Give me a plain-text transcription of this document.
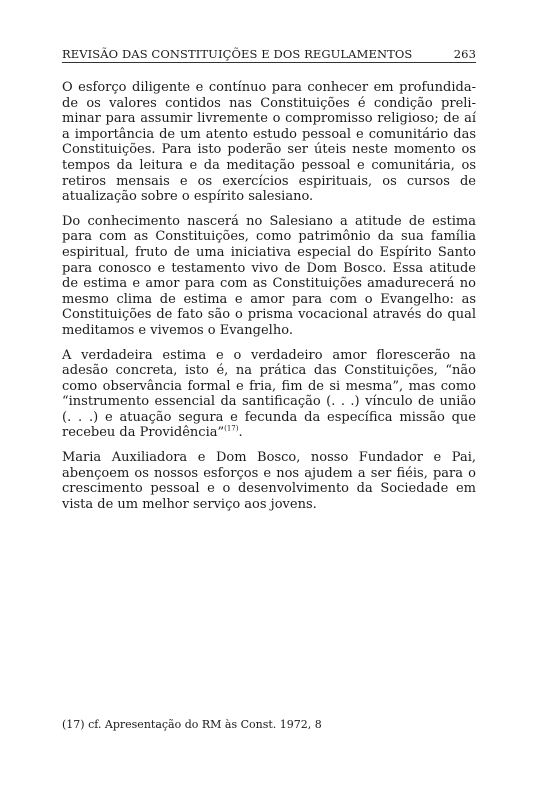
REVISÃO DAS CONSTITUIÇÕES E DOS REGULAMENTOS	263

O esforço diligente e contínuo para conhecer em profundidade os valores contidos nas Constituições é condição preliminar para assumir livremente o compromisso religioso; de aí a importância de um atento estudo pessoal e comunitário das Constituições. Para isto poderão ser úteis neste momento os tempos da leitura e da meditação pessoal e comunitária, os retiros mensais e os exercícios espirituais, os cursos de atualização sobre o espírito salesiano.

Do conhecimento nascerá no Salesiano a atitude de estima para com as Constituições, como patrimônio da sua família espiritual, fruto de uma iniciativa especial do Espírito Santo para conosco e testamento vivo de Dom Bosco. Essa atitude de estima e amor para com as Constituições amadurecerá no mesmo clima de estima e amor para com o Evangelho: as Constituições de fato são o prisma vocacional através do qual meditamos e vivemos o Evangelho.

A verdadeira estima e o verdadeiro amor florescerão na adesão concreta, isto é, na prática das Constituições, “não como observância formal e fria, fim de si mesma”, mas como “instrumento essencial da santificação (. . .) vínculo de união (. . .) e atuação segura e fecunda da específica missão que recebeu da Providência”$^{(17)}$.

Maria Auxiliadora e Dom Bosco, nosso Fundador e Pai, abençoem os nossos esforços e nos ajudem a ser fiéis, para o crescimento pessoal e o desenvolvimento da Sociedade em vista de um melhor serviço aos jovens.

(17) cf. Apresentação do RM às Const. 1972, 8
